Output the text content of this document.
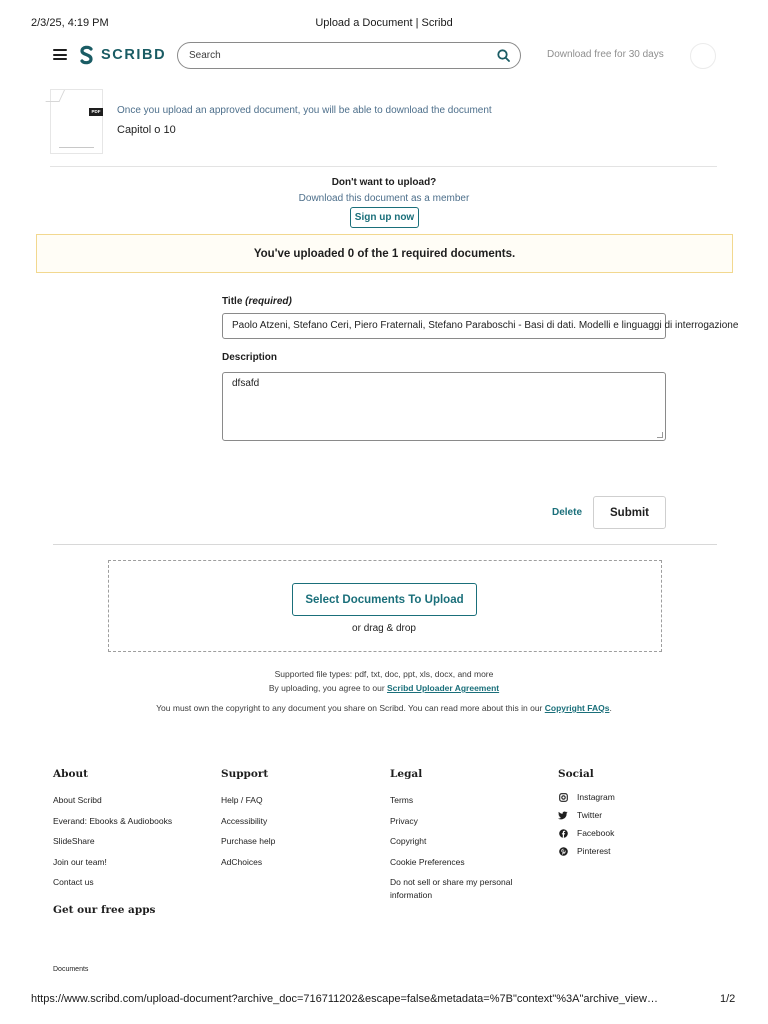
2/3/25, 4:19 PM	Upload a Document | Scribd
SCRIBD Search	Download free for 30 days
PDF Once you upload an approved document, you will be able to download the document
Capitol o 10
Don't want to upload?
Download this document as a member
Sign up now
You've uploaded 0 of the 1 required documents.
Title (required)
Paolo Atzeni, Stefano Ceri, Piero Fraternali, Stefano Paraboschi - Basi di dati. Modelli e linguaggi di interrogazione
Description
dfsafd
Delete	Submit
Select Documents To Upload
or drag & drop
Supported file types: pdf, txt, doc, ppt, xls, docx, and more
By uploading, you agree to our Scribd Uploader Agreement
You must own the copyright to any document you share on Scribd. You can read more about this in our Copyright FAQs.
About
About Scribd
Everand: Ebooks & Audiobooks
SlideShare
Join our team!
Contact us
Support
Help / FAQ
Accessibility
Purchase help
AdChoices
Legal
Terms
Privacy
Copyright
Cookie Preferences
Do not sell or share my personal information
Social
Instagram
Twitter
Facebook
Pinterest
Get our free apps
Documents
https://www.scribd.com/upload-document?archive_doc=716711202&escape=false&metadata=%7B"context"%3A"archive_view…	1/2
